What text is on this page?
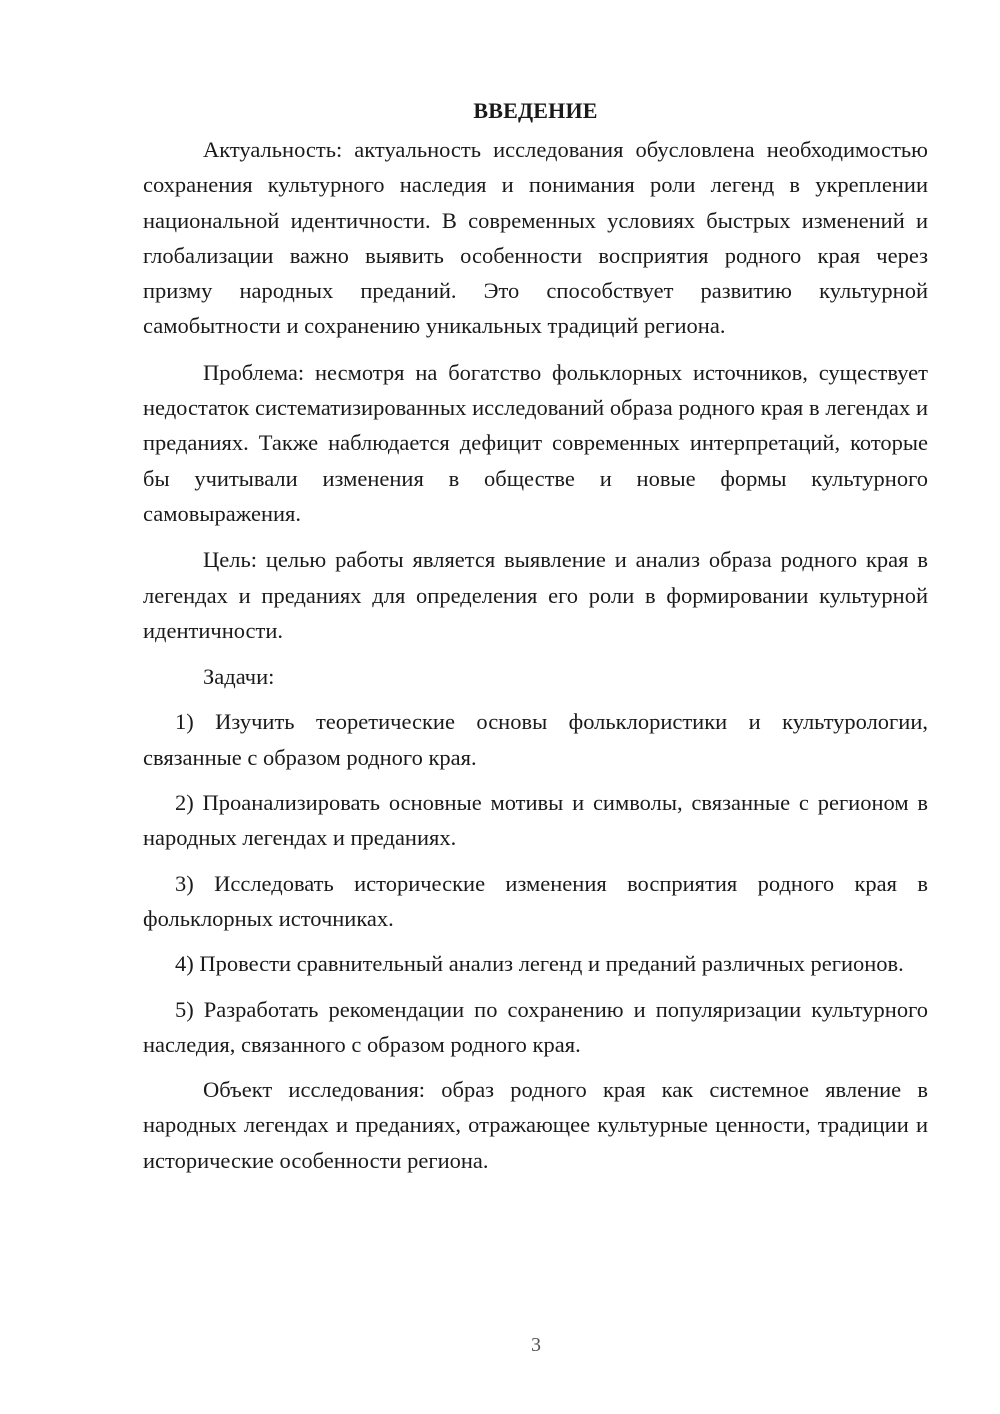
ВВЕДЕНИЕ

Актуальность: актуальность исследования обусловлена необходимостью сохранения культурного наследия и понимания роли легенд в укреплении национальной идентичности. В современных условиях быстрых изменений и глобализации важно выявить особенности восприятия родного края через призму народных преданий. Это способствует развитию культурной самобытности и сохранению уникальных традиций региона.

Проблема: несмотря на богатство фольклорных источников, существует недостаток систематизированных исследований образа родного края в легендах и преданиях. Также наблюдается дефицит современных интерпретаций, которые бы учитывали изменения в обществе и новые формы культурного самовыражения.

Цель: целью работы является выявление и анализ образа родного края в легендах и преданиях для определения его роли в формировании культурной идентичности.

Задачи:

1) Изучить теоретические основы фольклористики и культурологии, связанные с образом родного края.

2) Проанализировать основные мотивы и символы, связанные с регионом в народных легендах и преданиях.

3) Исследовать исторические изменения восприятия родного края в фольклорных источниках.

4) Провести сравнительный анализ легенд и преданий различных регионов.

5) Разработать рекомендации по сохранению и популяризации культурного наследия, связанного с образом родного края.

Объект исследования: образ родного края как системное явление в народных легендах и преданиях, отражающее культурные ценности, традиции и исторические особенности региона.

3
